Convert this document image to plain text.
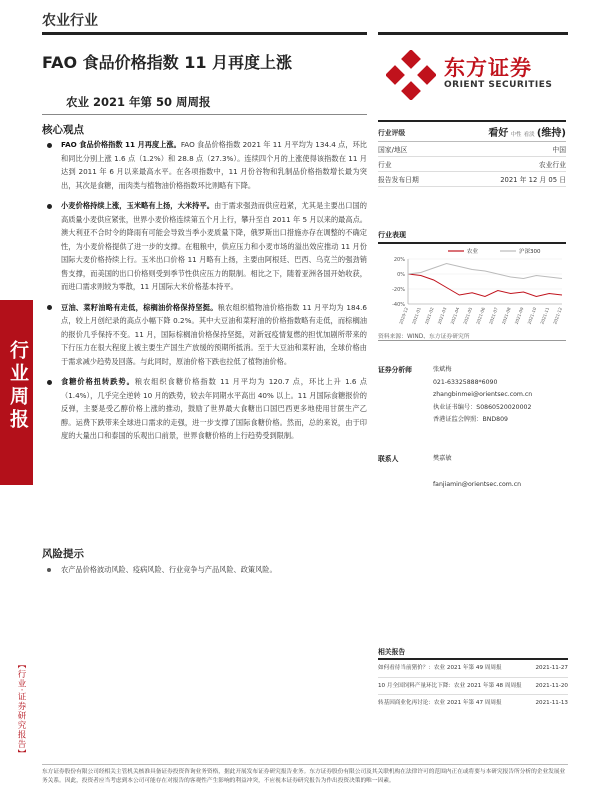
农业行业
FAO 食品价格指数 11 月再度上涨
农业 2021 年第 50 周周报
东方证券
ORIENT SECURITIES
核心观点
FAO 食品价格指数 11 月再度上涨。FAO 食品价格指数 2021 年 11 月平均为 134.4 点，环比和同比分别上涨 1.6 点（1.2%）和 28.8 点（27.3%）。连续四个月的上涨使得该指数在 11 月达到 2011 年 6 月以来最高水平。在各项指数中，11 月份谷物和乳制品价格指数增长最为突出，其次是食糖，而肉类与植物油价格指数环比则略有下降。
小麦价格持续上涨，玉米略有上扬，大米持平。由于需求强劲而供应趋紧，尤其是主要出口国的高质量小麦供应紧张，世界小麦价格连续第五个月上行，攀升至自 2011 年 5 月以来的最高点。澳大利亚不合时令的降雨有可能会导致当季小麦质量下降，俄罗斯出口措施亦存在调整的不确定性，为小麦价格提供了进一步的支撑。在粗粮中，供应压力和小麦市场的溢出效应推动 11 月份国际大麦价格持续上行。玉米出口价格 11 月略有上扬，主要由阿根廷、巴西、乌克兰的强劲销售支撑，而美国的出口价格则受到季节性供应压力的限制。相比之下，随着亚洲各国开始收获，而进口需求则较为零散，11 月国际大米价格基本持平。
豆油、菜籽油略有走低，棕榈油价格保持坚挺。粮农组织植物油价格指数 11 月平均为 184.6 点，较上月创纪录的高点小幅下降 0.2%。其中大豆油和菜籽油的价格指数略有走低，而棕榈油的报价几乎保持不变。11 月，国际棕榈油价格保持坚挺，对新冠疫情复燃的担忧加剧所带来的下行压力在很大程度上被主要生产国生产放缓的预期所抵消。至于大豆油和菜籽油，全球价格由于需求减少趋势及回落。与此同时，原油价格下跌也拉低了植物油价格。
食糖价格扭转跌势。粮农组织食糖价格指数 11 月平均为 120.7 点，环比上升 1.6 点（1.4%），几乎完全逆转 10 月的跌势，较去年同期水平高出 40% 以上。11 月国际食糖报价的反弹，主要是受乙醇价格上涨的推动，鼓励了世界最大食糖出口国巴西更多地使用甘蔗生产乙醇。运费下跌带来全球进口需求的走强，进一步支撑了国际食糖价格。然而，总的来说，由于印度的大量出口和泰国的乐观出口前景，世界食糖价格的上行趋势受到限制。
风险提示
农产品价格波动风险、疫病风险、行业竞争与产品风险、政策风险。
行业评级	看好 中性 看淡 (维持)
国家/地区	中国
行业	农业行业
报告发布日期	2021 年 12 月 05 日
行业表现
-40%
-20%
0%
20%
2020-12 2021-01 2021-02 2021-03 2021-04 2021-05 2021-06 2021-07 2021-08 2021-09 2021-10 2021-11 2021-12
农业	沪深300
资料来源：WIND、东方证券研究所
证券分析师	张斌梅
021-63325888*6090
zhangbinmei@orientsec.com.cn
执业证书编号：S0860520020002
香港证监会牌照：BND809
联系人	樊嘉敏
fanjiamin@orientsec.com.cn
行业周报
【行业·证券研究报告】
相关报告
如何看待当前猪价？：农业 2021 年第 49 周周报	2021-11-27
10 月全国饲料产量环比下降：农业 2021 年第 48 周周报	2021-11-20
转基因商业化再讨论：农业 2021 年第 47 周周报	2021-11-13
东方证券股份有限公司经相关主管机关核准具备证券投资咨询业务资格，据此开展发布证券研究报告业务。东方证券股份有限公司及其关联机构在法律许可的范围内正在或将要与本研究报告所分析的企业发展业务关系。因此，投资者应当考虑到本公司可能存在对报告的客观性产生影响的利益冲突，不应视本证券研究报告为作出投资决策的唯一因素。
